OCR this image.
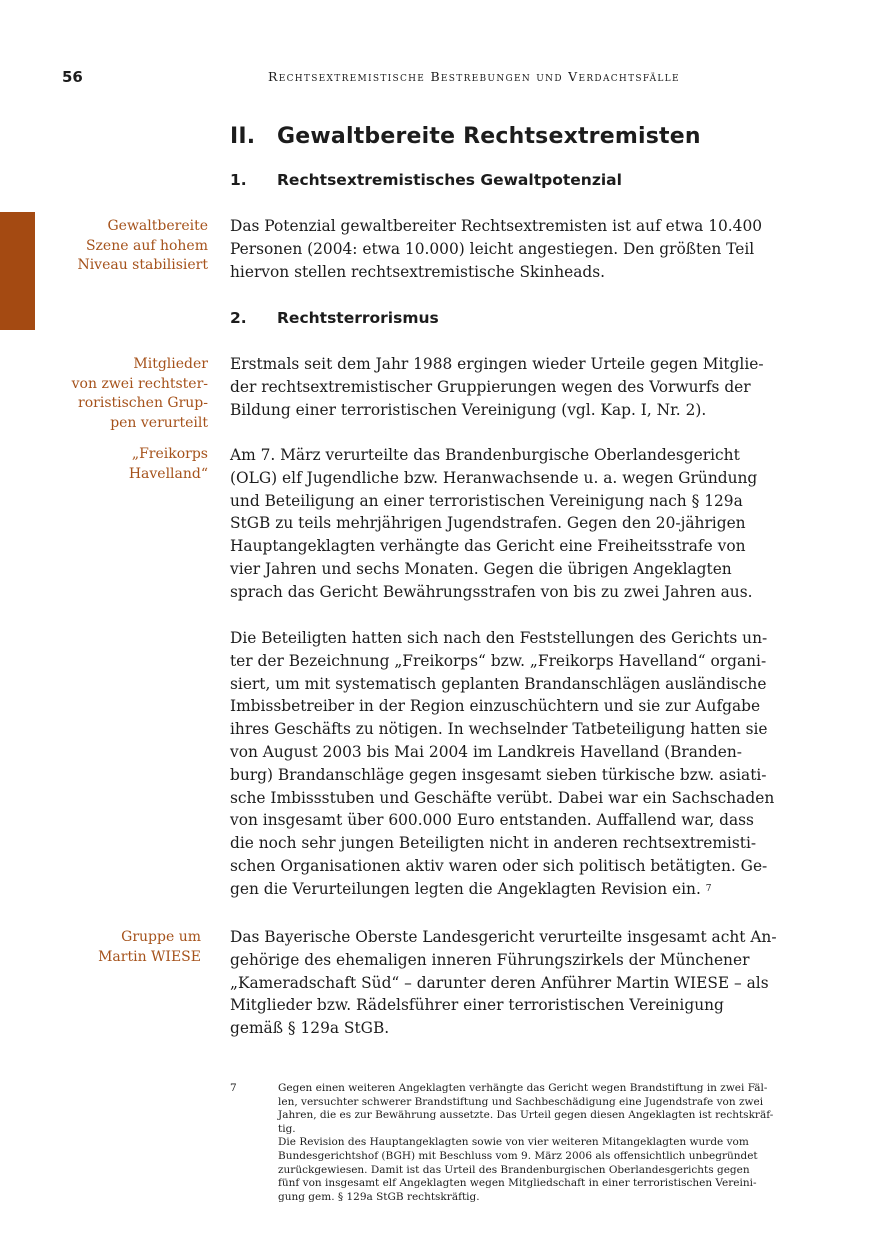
56	Rechtsextremistische Bestrebungen und Verdachtsfälle
II. Gewaltbereite Rechtsextremisten
1. Rechtsextremistisches Gewaltpotenzial

Gewaltbereite
Szene auf hohem
Niveau stabilisiert

Das Potenzial gewaltbereiter Rechtsextremisten ist auf etwa 10.400
Personen (2004: etwa 10.000) leicht angestiegen. Den größten Teil
hiervon stellen rechtsextremistische Skinheads.

2. Rechtsterrorismus

Mitglieder
von zwei rechtster-
roristischen Grup-
pen verurteilt

Erstmals seit dem Jahr 1988 ergingen wieder Urteile gegen Mitglie-
der rechtsextremistischer Gruppierungen wegen des Vorwurfs der
Bildung einer terroristischen Vereinigung (vgl. Kap. I, Nr. 2).

„Freikorps
Havelland“

Am 7. März verurteilte das Brandenburgische Oberlandesgericht
(OLG) elf Jugendliche bzw. Heranwachsende u. a. wegen Gründung
und Beteiligung an einer terroristischen Vereinigung nach § 129a
StGB zu teils mehrjährigen Jugendstrafen. Gegen den 20-jährigen
Hauptangeklagten verhängte das Gericht eine Freiheitsstrafe von
vier Jahren und sechs Monaten. Gegen die übrigen Angeklagten
sprach das Gericht Bewährungsstrafen von bis zu zwei Jahren aus.

Die Beteiligten hatten sich nach den Feststellungen des Gerichts un-
ter der Bezeichnung „Freikorps“ bzw. „Freikorps Havelland“ organi-
siert, um mit systematisch geplanten Brandanschlägen ausländische
Imbissbetreiber in der Region einzuschüchtern und sie zur Aufgabe
ihres Geschäfts zu nötigen. In wechselnder Tatbeteiligung hatten sie
von August 2003 bis Mai 2004 im Landkreis Havelland (Branden-
burg) Brandanschläge gegen insgesamt sieben türkische bzw. asiati-
sche Imbissstuben und Geschäfte verübt. Dabei war ein Sachschaden
von insgesamt über 600.000 Euro entstanden. Auffallend war, dass
die noch sehr jungen Beteiligten nicht in anderen rechtsextremisti-
schen Organisationen aktiv waren oder sich politisch betätigten. Ge-
gen die Verurteilungen legten die Angeklagten Revision ein. $^7$

Gruppe um
Martin WIESE

Das Bayerische Oberste Landesgericht verurteilte insgesamt acht An-
gehörige des ehemaligen inneren Führungszirkels der Münchener
„Kameradschaft Süd“ – darunter deren Anführer Martin WIESE – als
Mitglieder bzw. Rädelsführer einer terroristischen Vereinigung
gemäß § 129a StGB.

7	Gegen einen weiteren Angeklagten verhängte das Gericht wegen Brandstiftung in zwei Fäl-
len, versuchter schwerer Brandstiftung und Sachbeschädigung eine Jugendstrafe von zwei
Jahren, die es zur Bewährung aussetzte. Das Urteil gegen diesen Angeklagten ist rechtskräf-
tig.
Die Revision des Hauptangeklagten sowie von vier weiteren Mitangeklagten wurde vom
Bundesgerichtshof (BGH) mit Beschluss vom 9. März 2006 als offensichtlich unbegründet
zurückgewiesen. Damit ist das Urteil des Brandenburgischen Oberlandesgerichts gegen
fünf von insgesamt elf Angeklagten wegen Mitgliedschaft in einer terroristischen Vereini-
gung gem. § 129a StGB rechtskräftig.
